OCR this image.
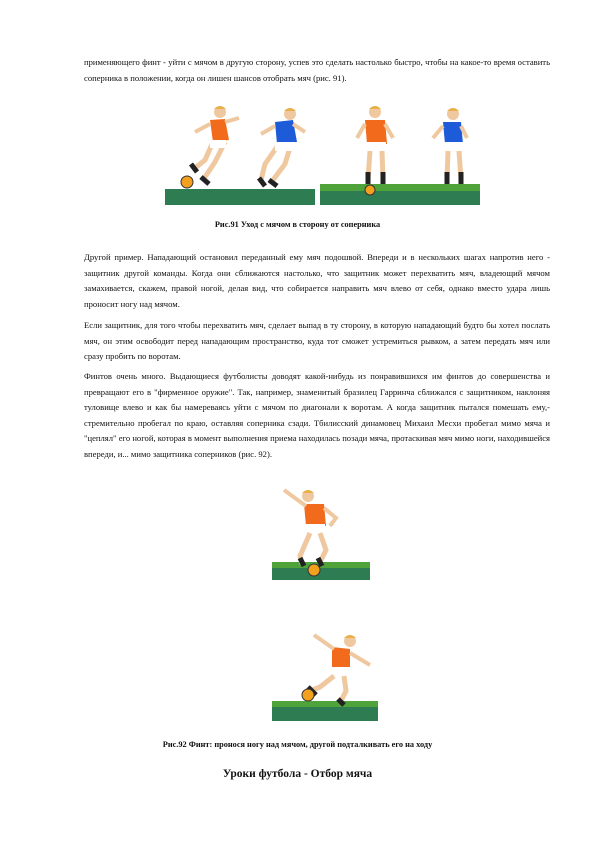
применяющего финт - уйти с мячом в другую сторону, успев это сделать настолько быстро, чтобы на какое-то время оставить соперника в положении, когда он лишен шансов отобрать мяч (рис. 91).

Рис.91 Уход с мячом в сторону от соперника

Другой пример. Нападающий остановил переданный ему мяч подошвой. Впереди и в нескольких шагах напротив него - защитник другой команды. Когда они сближаются настолько, что защитник может перехватить мяч, владеющий мячом замахивается, скажем, правой ногой, делая вид, что собирается направить мяч влево от себя, однако вместо удара лишь проносит ногу над мячом.

Если защитник, для того чтобы перехватить мяч, сделает выпад в ту сторону, в которую нападающий будто бы хотел послать мяч, он этим освободит перед нападающим пространство, куда тот сможет устремиться рывком, а затем передать мяч или сразу пробить по воротам.

Финтов очень много. Выдающиеся футболисты доводят какой-нибудь из понравившихся им финтов до совершенства и превращают его в "фирменное оружие". Так, например, знаменитый бразилец Гарринча сближался с защитником, наклоняя туловище влево и как бы намереваясь уйти с мячом по диагонали к воротам. А когда защитник пытался помешать ему,- стремительно пробегал по краю, оставляя соперника сзади. Тбилисский динамовец Михаил Месхи пробегал мимо мяча и "цеплял" его ногой, которая в момент выполнения приема находилась позади мяча, протаскивая мяч мимо ноги, находившейся впереди, и... мимо защитника соперников (рис. 92).

Рис.92 Финт: пронося ногу над мячом, другой подталкивать его на ходу

Уроки футбола - Отбор мяча
